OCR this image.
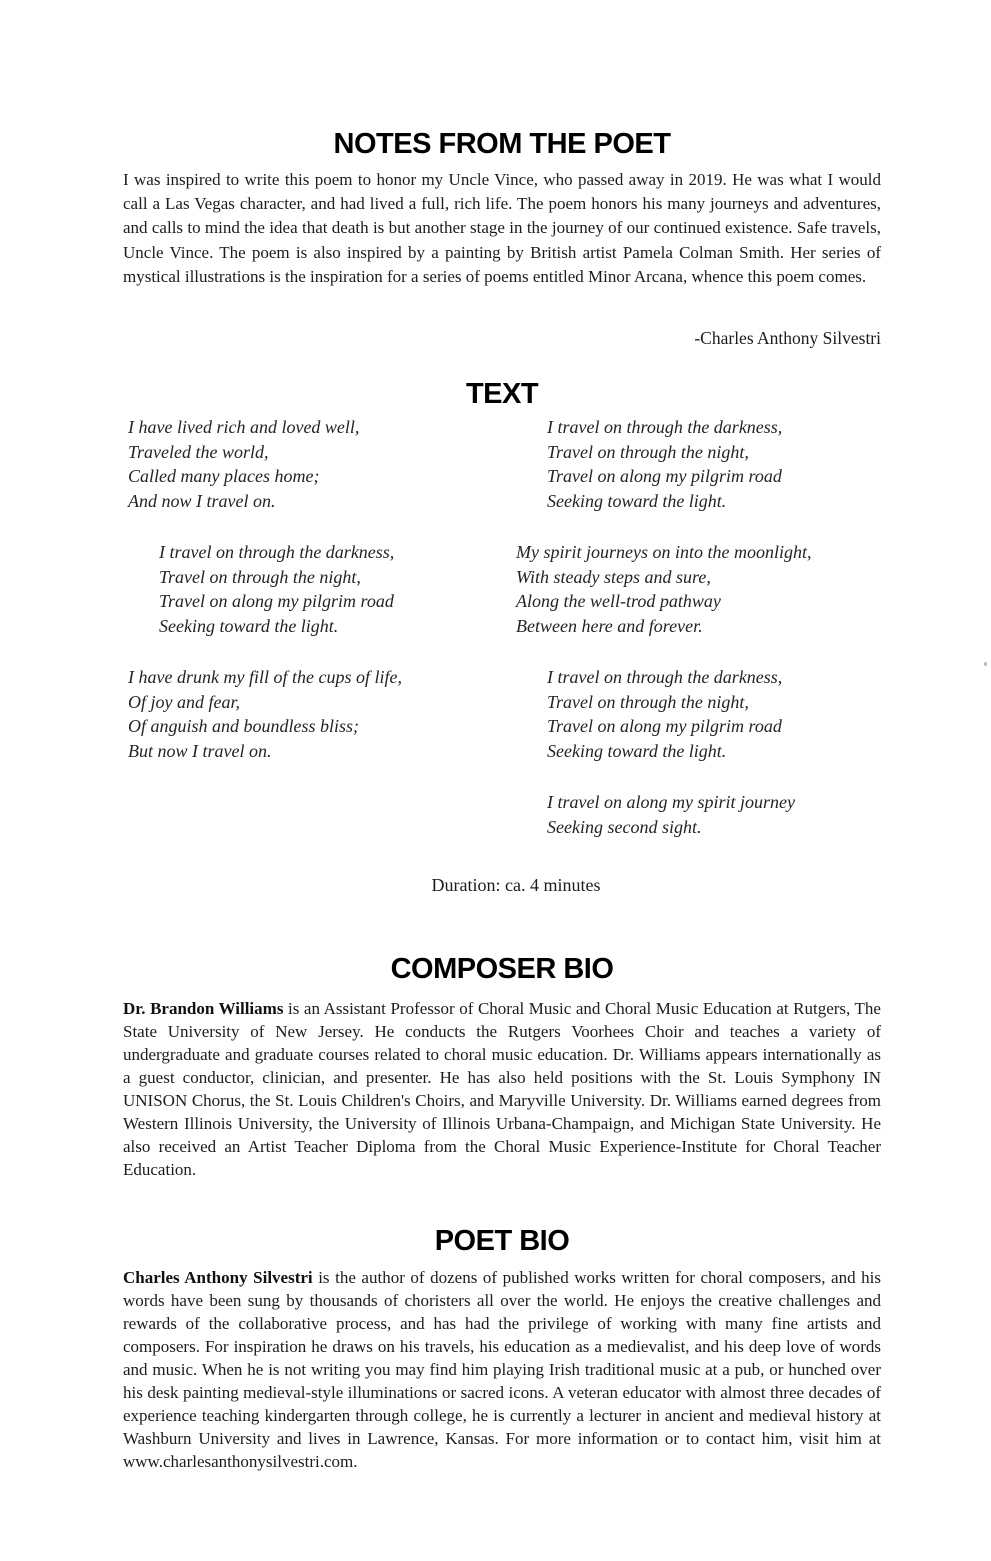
NOTES FROM THE POET

I was inspired to write this poem to honor my Uncle Vince, who passed away in 2019. He was what I would call a Las Vegas character, and had lived a full, rich life. The poem honors his many journeys and adventures, and calls to mind the idea that death is but another stage in the journey of our continued existence. Safe travels, Uncle Vince. The poem is also inspired by a painting by British artist Pamela Colman Smith. Her series of mystical illustrations is the inspiration for a series of poems entitled Minor Arcana, whence this poem comes.

-Charles Anthony Silvestri

TEXT
I have lived rich and loved well,
Traveled the world,
Called many places home;
And now I travel on.
I travel on through the darkness,
Travel on through the night,
Travel on along my pilgrim road
Seeking toward the light.
I have drunk my fill of the cups of life,
Of joy and fear,
Of anguish and boundless bliss;
But now I travel on.
I travel on through the darkness,
Travel on through the night,
Travel on along my pilgrim road
Seeking toward the light.
My spirit journeys on into the moonlight,
With steady steps and sure,
Along the well-trod pathway
Between here and forever.
I travel on through the darkness,
Travel on through the night,
Travel on along my pilgrim road
Seeking toward the light.
I travel on along my spirit journey
Seeking second sight.

Duration: ca. 4 minutes

COMPOSER BIO

Dr. Brandon Williams is an Assistant Professor of Choral Music and Choral Music Education at Rutgers, The State University of New Jersey. He conducts the Rutgers Voorhees Choir and teaches a variety of undergraduate and graduate courses related to choral music education. Dr. Williams appears internationally as a guest conductor, clinician, and presenter. He has also held positions with the St. Louis Symphony IN UNISON Chorus, the St. Louis Children's Choirs, and Maryville University. Dr. Williams earned degrees from Western Illinois University, the University of Illinois Urbana-Champaign, and Michigan State University. He also received an Artist Teacher Diploma from the Choral Music Experience-Institute for Choral Teacher Education.

POET BIO

Charles Anthony Silvestri is the author of dozens of published works written for choral composers, and his words have been sung by thousands of choristers all over the world. He enjoys the creative challenges and rewards of the collaborative process, and has had the privilege of working with many fine artists and composers. For inspiration he draws on his travels, his education as a medievalist, and his deep love of words and music. When he is not writing you may find him playing Irish traditional music at a pub, or hunched over his desk painting medieval-style illuminations or sacred icons. A veteran educator with almost three decades of experience teaching kindergarten through college, he is currently a lecturer in ancient and medieval history at Washburn University and lives in Lawrence, Kansas. For more information or to contact him, visit him at www.charlesanthonysilvestri.com.
